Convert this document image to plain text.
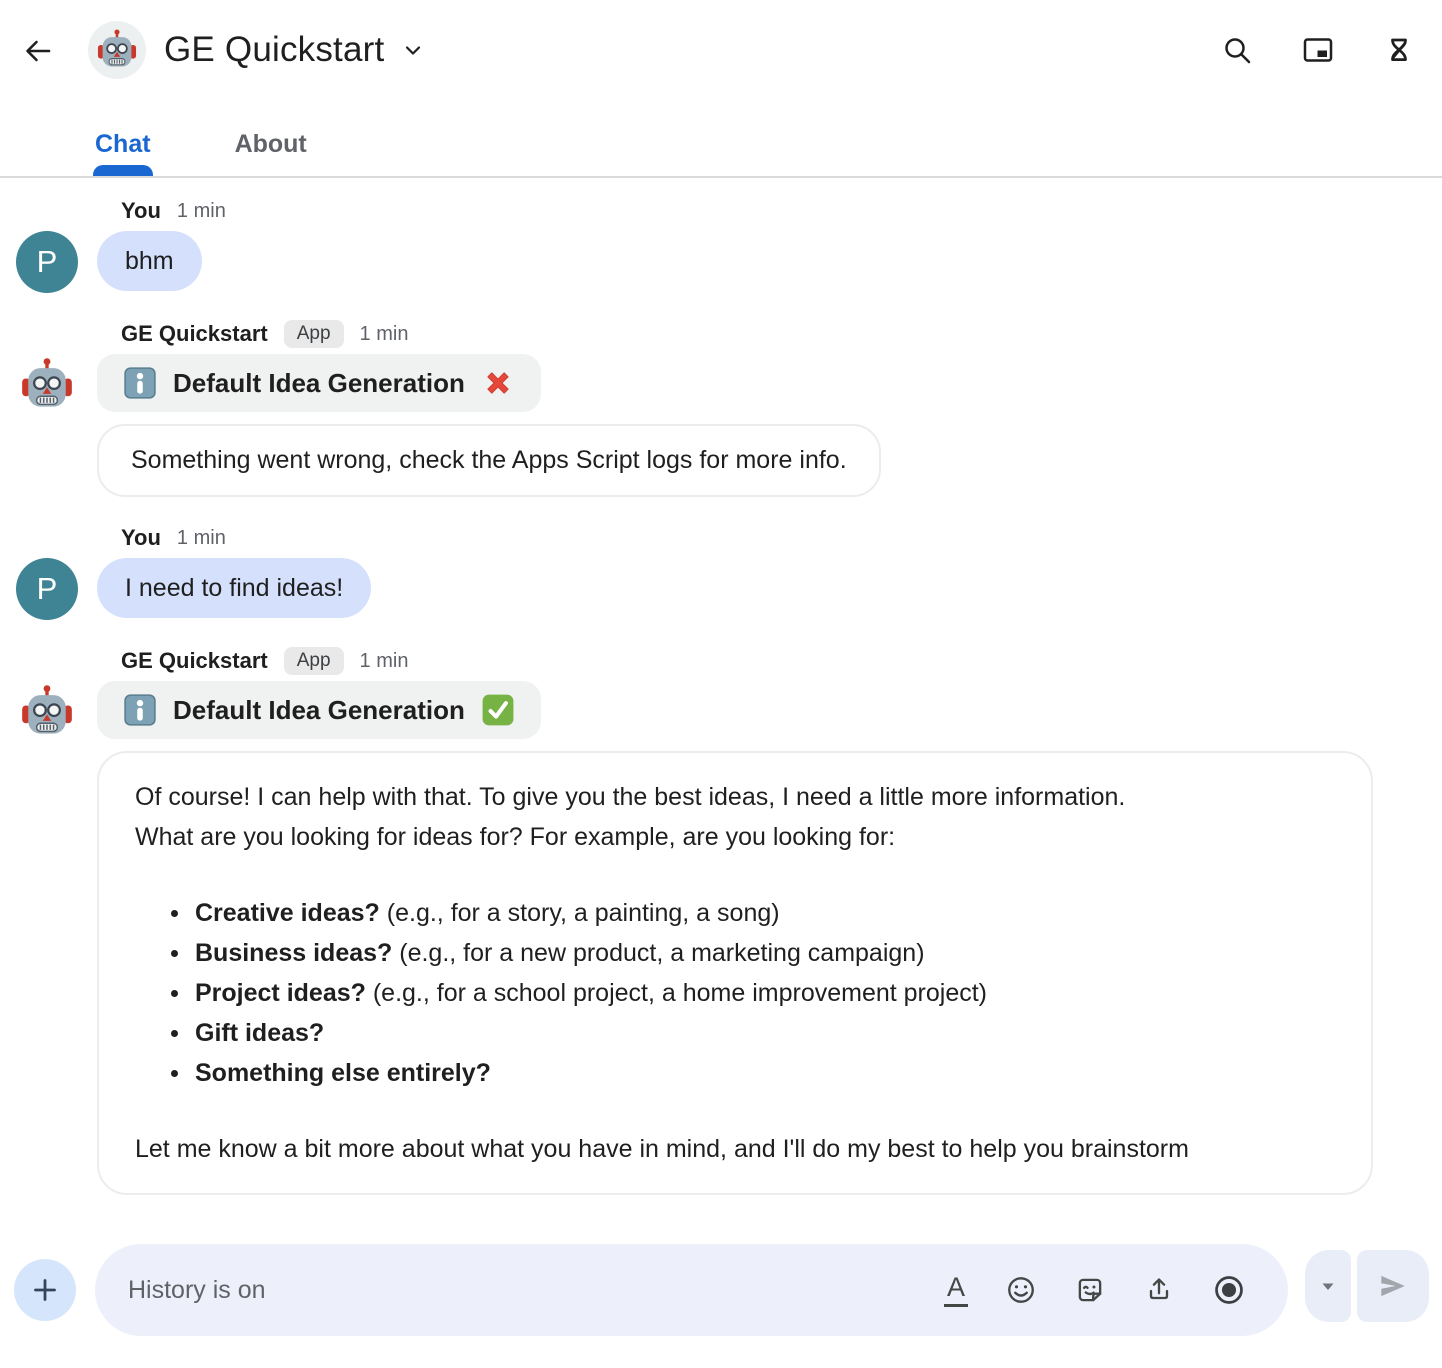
GE Quickstart
Chat	About
You 1 min
P	bhm
GE Quickstart	App	1 min
Default Idea Generation
Something went wrong, check the Apps Script logs for more info.
You 1 min
P	I need to find ideas!
GE Quickstart	App	1 min
Default Idea Generation

Of course! I can help with that. To give you the best ideas, I need a little more information.
What are you looking for ideas for? For example, are you looking for:

Creative ideas? (e.g., for a story, a painting, a song)
Business ideas? (e.g., for a new product, a marketing campaign)
Project ideas? (e.g., for a school project, a home improvement project)
Gift ideas?
Something else entirely?

Let me know a bit more about what you have in mind, and I'll do my best to help you brainstorm

History is on	A
